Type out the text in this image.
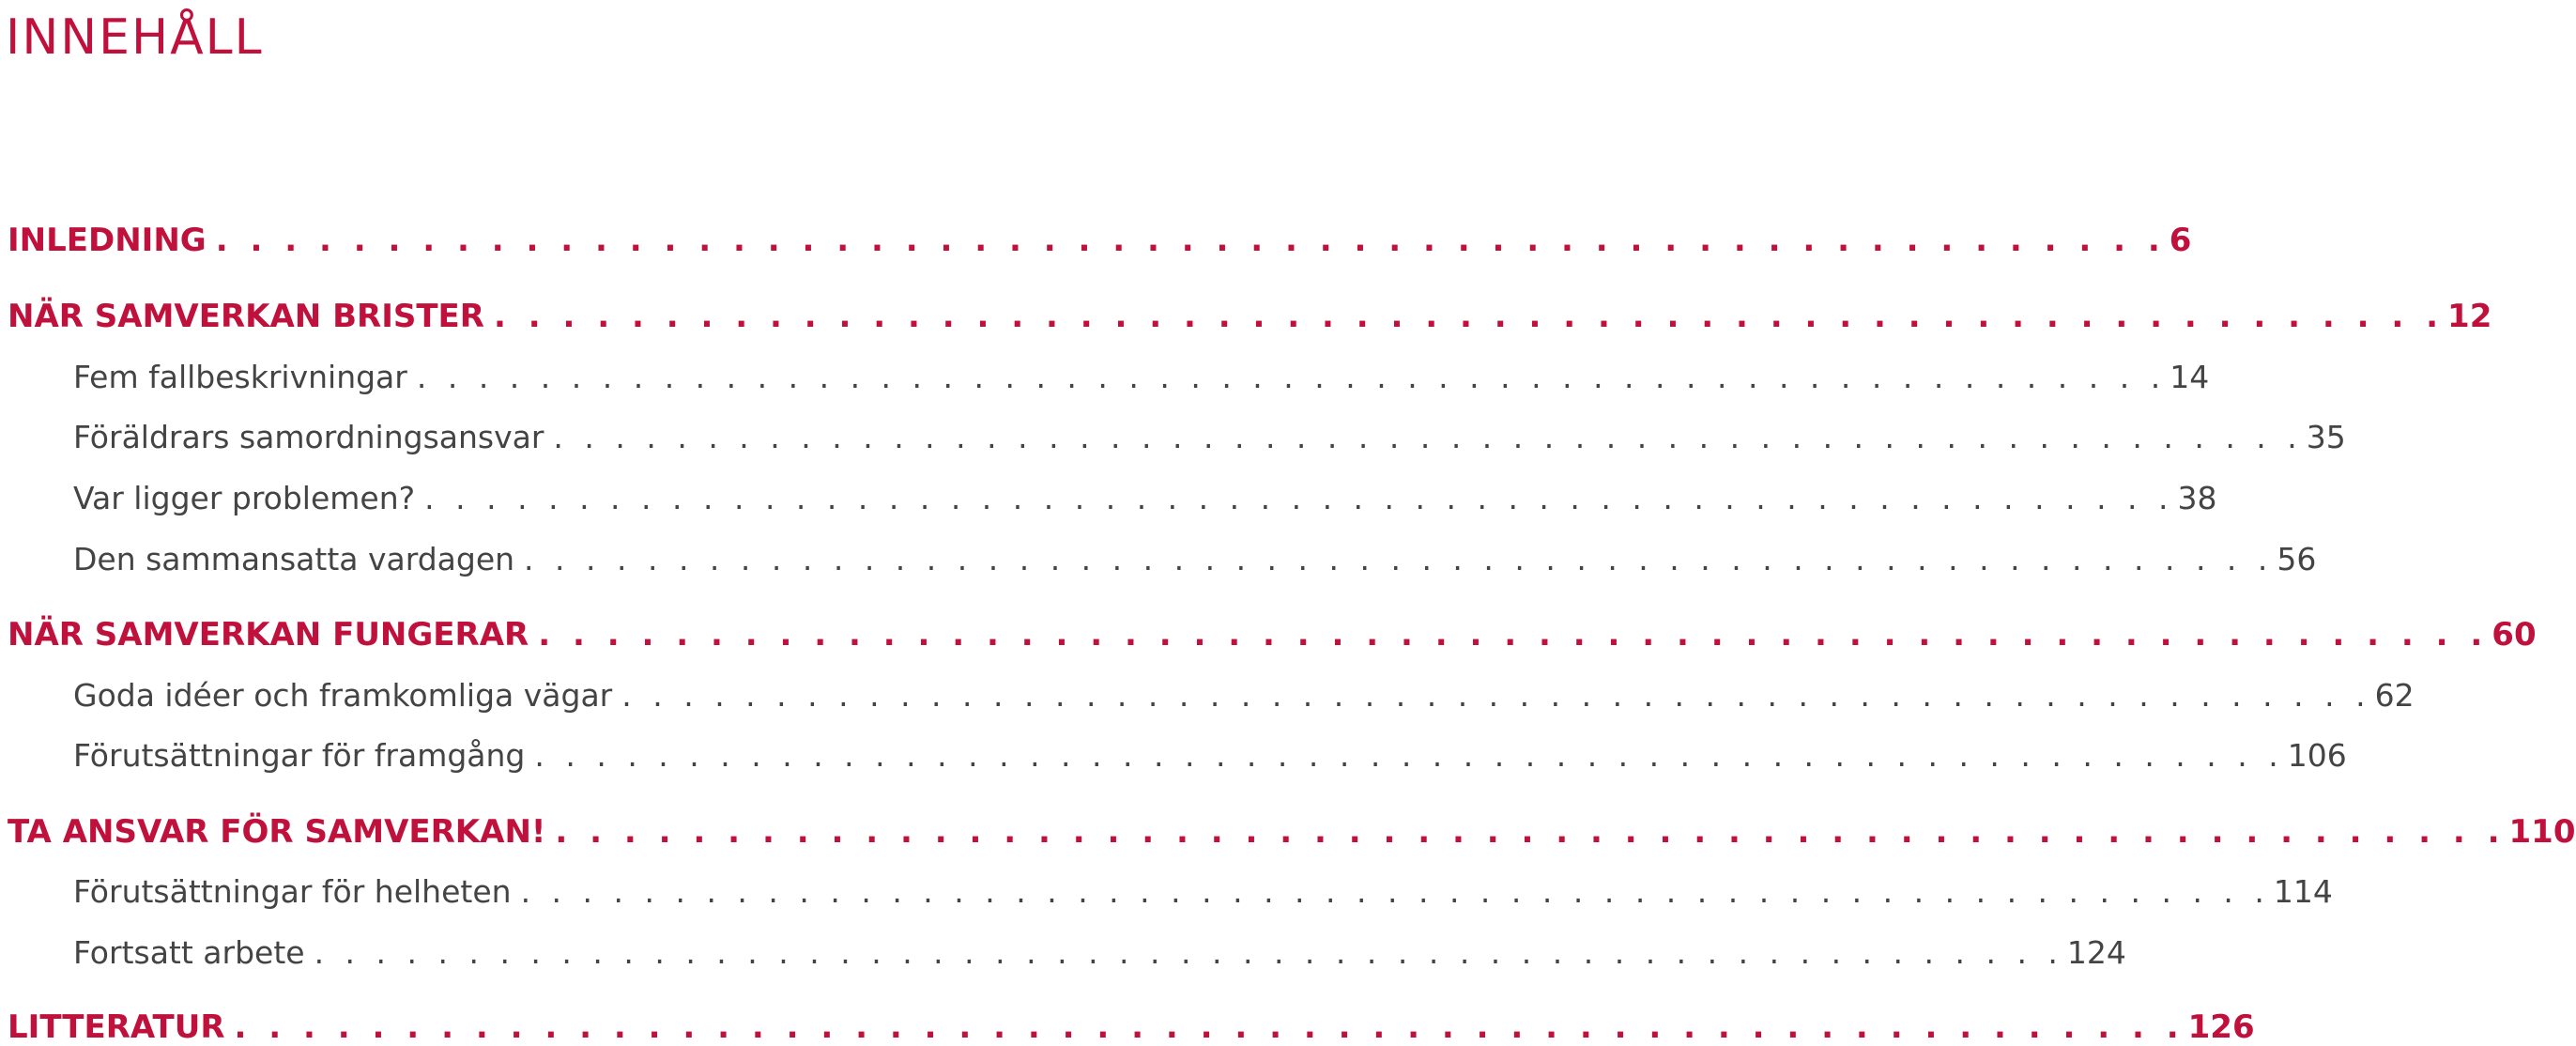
INNEHÅLL
INLEDNING . . . . . . . . . . . . . . . . . . . . . . . . . . . . . . . . . . . . . . . . . . . . . . . . . . . . . . . . . 6
NÄR SAMVERKAN BRISTER . . . . . . . . . . . . . . . . . . . . . . . . . . . . . . . . . . . . . . . . . . . . . . . . . . . . . . . . . 12
Fem fallbeskrivningar . . . . . . . . . . . . . . . . . . . . . . . . . . . . . . . . . . . . . . . . . . . . . . . . . . . . . . . . . 14
Föräldrars samordningsansvar . . . . . . . . . . . . . . . . . . . . . . . . . . . . . . . . . . . . . . . . . . . . . . . . . . . . . . . . . 35
Var ligger problemen? . . . . . . . . . . . . . . . . . . . . . . . . . . . . . . . . . . . . . . . . . . . . . . . . . . . . . . . . . 38
Den sammansatta vardagen . . . . . . . . . . . . . . . . . . . . . . . . . . . . . . . . . . . . . . . . . . . . . . . . . . . . . . . . . 56
NÄR SAMVERKAN FUNGERAR . . . . . . . . . . . . . . . . . . . . . . . . . . . . . . . . . . . . . . . . . . . . . . . . . . . . . . . . . 60
Goda idéer och framkomliga vägar . . . . . . . . . . . . . . . . . . . . . . . . . . . . . . . . . . . . . . . . . . . . . . . . . . . . . . . . . 62
Förutsättningar för framgång . . . . . . . . . . . . . . . . . . . . . . . . . . . . . . . . . . . . . . . . . . . . . . . . . . . . . . . . . 106
TA ANSVAR FÖR SAMVERKAN! . . . . . . . . . . . . . . . . . . . . . . . . . . . . . . . . . . . . . . . . . . . . . . . . . . . . . . . . . 110
Förutsättningar för helheten . . . . . . . . . . . . . . . . . . . . . . . . . . . . . . . . . . . . . . . . . . . . . . . . . . . . . . . . . 114
Fortsatt arbete . . . . . . . . . . . . . . . . . . . . . . . . . . . . . . . . . . . . . . . . . . . . . . . . . . . . . . . . . 124
LITTERATUR . . . . . . . . . . . . . . . . . . . . . . . . . . . . . . . . . . . . . . . . . . . . . . . . . . . . . . . . . 126
